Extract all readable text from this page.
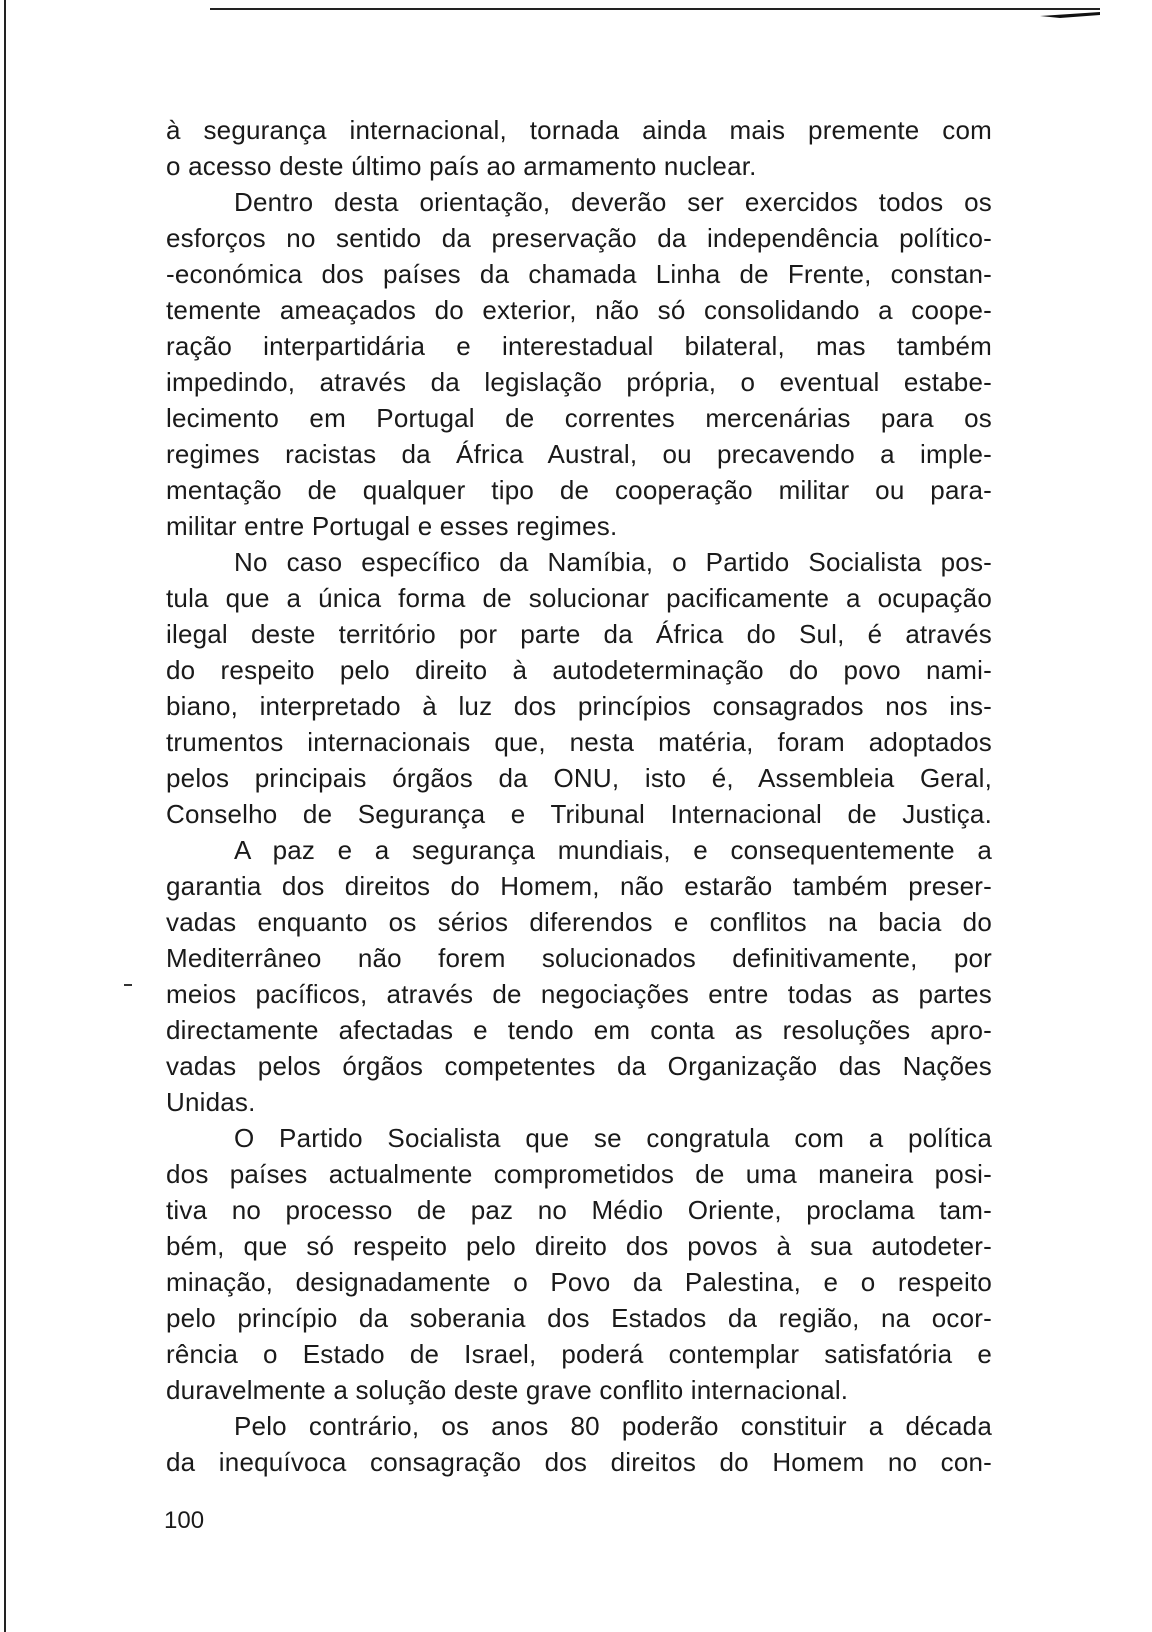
à segurança internacional, tornada ainda mais premente com
o acesso deste último país ao armamento nuclear.
Dentro desta orientação, deverão ser exercidos todos os
esforços no sentido da preservação da independência político-
-económica dos países da chamada Linha de Frente, constan-
temente ameaçados do exterior, não só consolidando a coope-
ração interpartidária e interestadual bilateral, mas também
impedindo, através da legislação própria, o eventual estabe-
lecimento em Portugal de correntes mercenárias para os
regimes racistas da África Austral, ou precavendo a imple-
mentação de qualquer tipo de cooperação militar ou para-
militar entre Portugal e esses regimes.
No caso específico da Namíbia, o Partido Socialista pos-
tula que a única forma de solucionar pacificamente a ocupação
ilegal deste território por parte da África do Sul, é através
do respeito pelo direito à autodeterminação do povo nami-
biano, interpretado à luz dos princípios consagrados nos ins-
trumentos internacionais que, nesta matéria, foram adoptados
pelos principais órgãos da ONU, isto é, Assembleia Geral,
Conselho de Segurança e Tribunal Internacional de Justiça.
A paz e a segurança mundiais, e consequentemente a
garantia dos direitos do Homem, não estarão também preser-
vadas enquanto os sérios diferendos e conflitos na bacia do
Mediterrâneo não forem solucionados definitivamente, por
meios pacíficos, através de negociações entre todas as partes
directamente afectadas e tendo em conta as resoluções apro-
vadas pelos órgãos competentes da Organização das Nações
Unidas.
O Partido Socialista que se congratula com a política
dos países actualmente comprometidos de uma maneira posi-
tiva no processo de paz no Médio Oriente, proclama tam-
bém, que só respeito pelo direito dos povos à sua autodeter-
minação, designadamente o Povo da Palestina, e o respeito
pelo princípio da soberania dos Estados da região, na ocor-
rência o Estado de Israel, poderá contemplar satisfatória e
duravelmente a solução deste grave conflito internacional.
Pelo contrário, os anos 80 poderão constituir a década
da inequívoca consagração dos direitos do Homem no con-
100
